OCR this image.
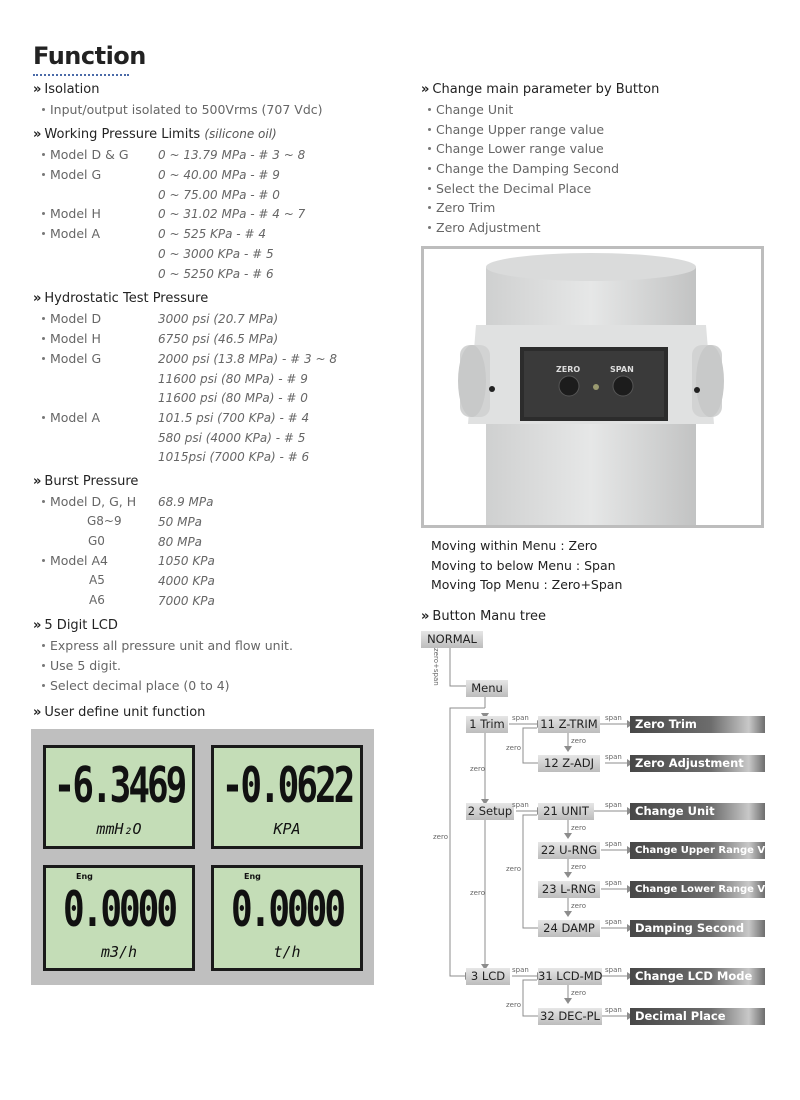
Function
» Isolation
Input/output isolated to 500Vrms (707 Vdc)
» Working Pressure Limits (silicone oil)
Model D & G 0 ~ 13.79 MPa - # 3 ~ 8
Model G	0 ~ 40.00 MPa - # 9
0 ~ 75.00 MPa - # 0
Model H	0 ~ 31.02 MPa - # 4 ~ 7
Model A	0 ~ 525 KPa - # 4
0 ~ 3000 KPa - # 5
0 ~ 5250 KPa - # 6
» Hydrostatic Test Pressure
Model D	3000 psi (20.7 MPa)
Model H	6750 psi (46.5 MPa)
Model G	2000 psi (13.8 MPa) - # 3 ~ 8
11600 psi (80 MPa) - # 9
11600 psi (80 MPa) - # 0
Model A	101.5 psi (700 KPa) - # 4
580 psi (4000 KPa) - # 5
1015psi (7000 KPa) - # 6
» Burst Pressure
Model D, G, H 68.9 MPa
G8~9	50 MPa
G0	80 MPa
Model A4	1050 KPa
A5	4000 KPa
A6	7000 KPa
» 5 Digit LCD
Express all pressure unit and flow unit.
Use 5 digit.
Select decimal place (0 to 4)
» User define unit function
-6.3469
mmH₂O
-0.0622
KPA
Eng
0.0000
m3/h
Eng
0.0000
t/h
» Change main parameter by Button
Change Unit
Change Upper range value
Change Lower range value
Change the Damping Second
Select the Decimal Place
Zero Trim
Zero Adjustment
ZERO	SPAN
Moving within Menu : Zero
Moving to below Menu : Span
Moving Top Menu : Zero+Span
» Button Manu tree
NORMAL
Menu
1 Trim
2 Setup
3 LCD
11 Z-TRIM
12 Z-ADJ
21 UNIT
22 U-RNG
23 L-RNG
24 DAMP
31 LCD-MD
32 DEC-PL
Zero Trim
Zero Adjustment
Change Unit
Change Upper Range Value
Change Lower Range Value
Damping Second
Change LCD Mode
Decimal Place
zero+span
span	span
span
zero
zero
zero
span	span
zero
span
zero
zero
span
zero
zero
span
zero
span	span
zero
zero
span
